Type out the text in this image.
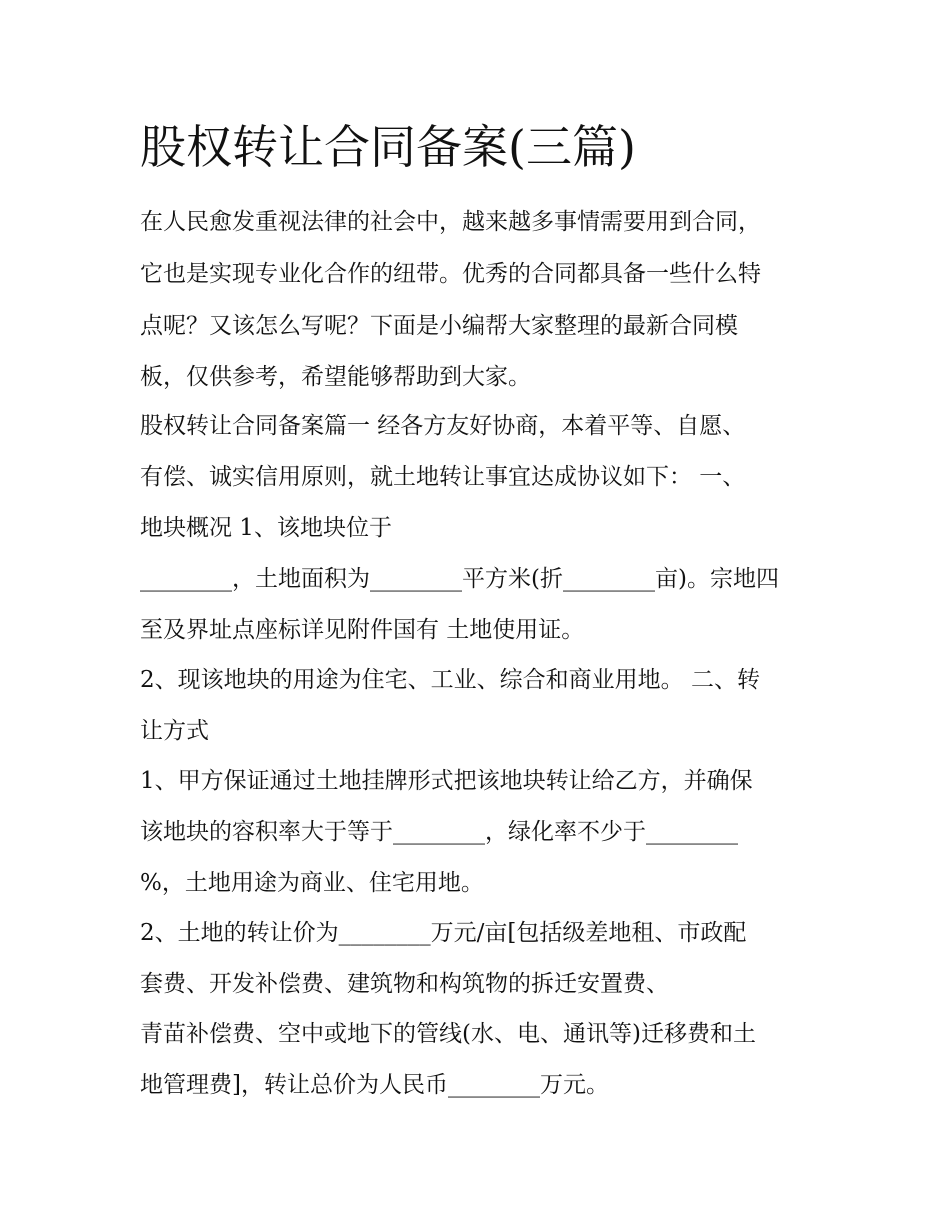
股权转让合同备案(三篇)

在人民愈发重视法律的社会中，越来越多事情需要用到合同，

它也是实现专业化合作的纽带。优秀的合同都具备一些什么特

点呢？又该怎么写呢？下面是小编帮大家整理的最新合同模

板，仅供参考，希望能够帮助到大家。

股权转让合同备案篇一 经各方友好协商，本着平等、自愿、

有偿、诚实信用原则，就土地转让事宜达成协议如下： 一、

地块概况 1、该地块位于

________，土地面积为________平方米(折________亩)。宗地四

至及界址点座标详见附件国有 土地使用证。

2、现该地块的用途为住宅、工业、综合和商业用地。 二、转

让方式

1、甲方保证通过土地挂牌形式把该地块转让给乙方，并确保

该地块的容积率大于等于________，绿化率不少于________

%，土地用途为商业、住宅用地。

2、土地的转让价为________万元/亩[包括级差地租、市政配

套费、开发补偿费、建筑物和构筑物的拆迁安置费、

青苗补偿费、空中或地下的管线(水、电、通讯等)迁移费和土

地管理费]，转让总价为人民币________万元。
